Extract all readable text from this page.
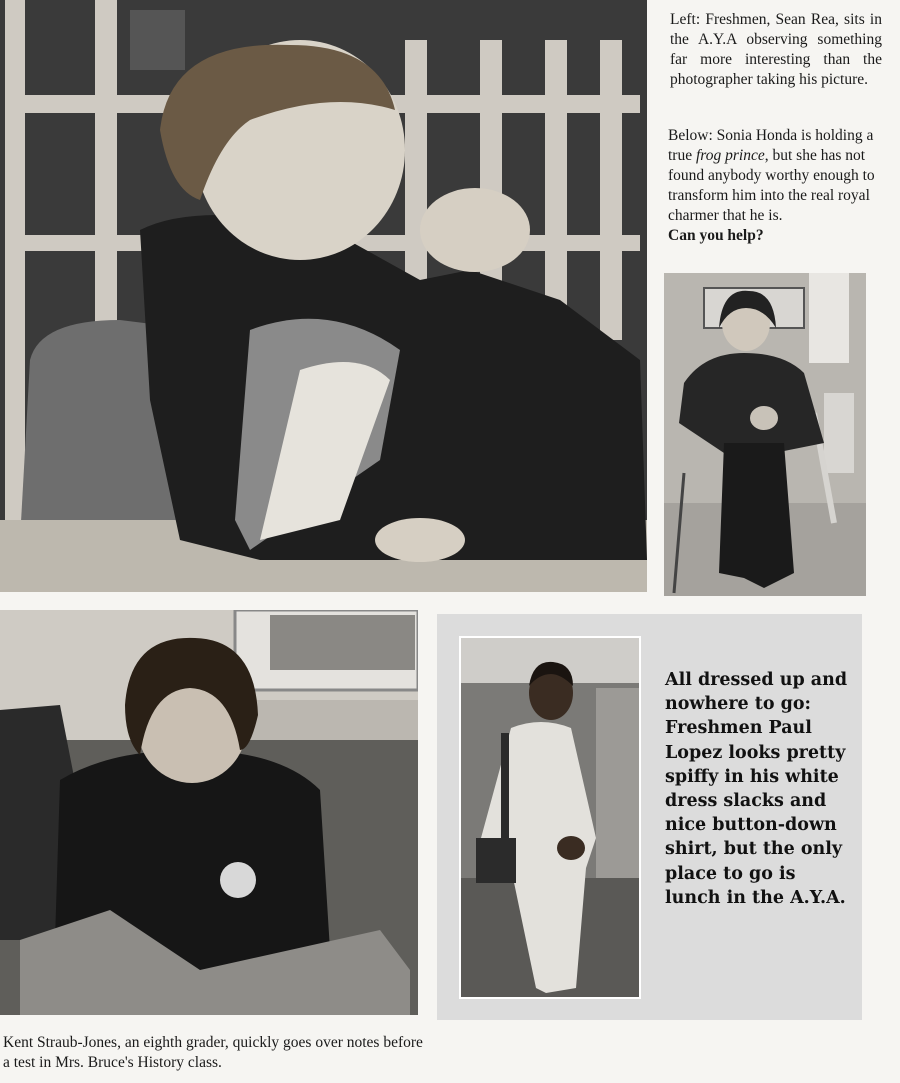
Left: Freshmen, Sean Rea, sits in the A.Y.A observing something far more interesting than the photographer taking his picture.

Below: Sonia Honda is holding a true frog prince, but she has not found anybody worthy enough to transform him into the real royal charmer that he is.

Can you help?

Kent Straub-Jones, an eighth grader, quickly goes over notes before a test in Mrs. Bruce's History class.

All dressed up and nowhere to go: Freshmen Paul Lopez looks pretty spiffy in his white dress slacks and nice button-down shirt, but the only place to go is lunch in the A.Y.A.
